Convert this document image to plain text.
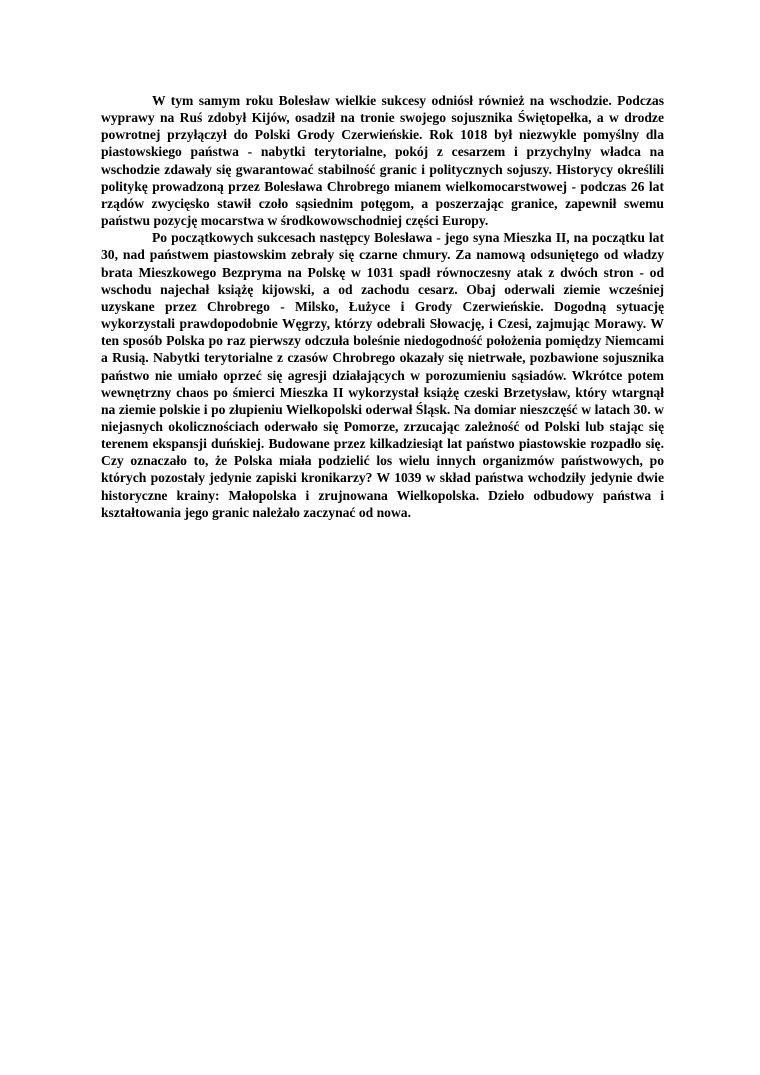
W tym samym roku Bolesław wielkie sukcesy odniósł również na wschodzie. Podczas wyprawy na Ruś zdobył Kijów, osadził na tronie swojego sojusznika Świętopełka, a w drodze powrotnej przyłączył do Polski Grody Czerwieńskie. Rok 1018 był niezwykle pomyślny dla piastowskiego państwa - nabytki terytorialne, pokój z cesarzem i przychylny władca na wschodzie zdawały się gwarantować stabilność granic i politycznych sojuszy. Historycy określili politykę prowadzoną przez Bolesława Chrobrego mianem wielkomocarstwowej - podczas 26 lat rządów zwycięsko stawił czoło sąsiednim potęgom, a poszerzając granice, zapewnił swemu państwu pozycję mocarstwa w środkowowschodniej części Europy.

Po początkowych sukcesach następcy Bolesława - jego syna Mieszka II, na początku lat 30, nad państwem piastowskim zebrały się czarne chmury. Za namową odsuniętego od władzy brata Mieszkowego Bezpryma na Polskę w 1031 spadł równoczesny atak z dwóch stron - od wschodu najechał książę kijowski, a od zachodu cesarz. Obaj oderwali ziemie wcześniej uzyskane przez Chrobrego - Milsko, Łużyce i Grody Czerwieńskie. Dogodną sytuację wykorzystali prawdopodobnie Węgrzy, którzy odebrali Słowację, i Czesi, zajmując Morawy. W ten sposób Polska po raz pierwszy odczuła boleśnie niedogodność położenia pomiędzy Niemcami a Rusią. Nabytki terytorialne z czasów Chrobrego okazały się nietrwałe, pozbawione sojusznika państwo nie umiało oprzeć się agresji działających w porozumieniu sąsiadów. Wkrótce potem wewnętrzny chaos po śmierci Mieszka II wykorzystał książę czeski Brzetysław, który wtargnął na ziemie polskie i po złupieniu Wielkopolski oderwał Śląsk. Na domiar nieszczęść w latach 30. w niejasnych okolicznościach oderwało się Pomorze, zrzucając zależność od Polski lub stając się terenem ekspansji duńskiej. Budowane przez kilkadziesiąt lat państwo piastowskie rozpadło się. Czy oznaczało to, że Polska miała podzielić los wielu innych organizmów państwowych, po których pozostały jedynie zapiski kronikarzy? W 1039 w skład państwa wchodziły jedynie dwie historyczne krainy: Małopolska i zrujnowana Wielkopolska. Dzieło odbudowy państwa i kształtowania jego granic należało zaczynać od nowa.
